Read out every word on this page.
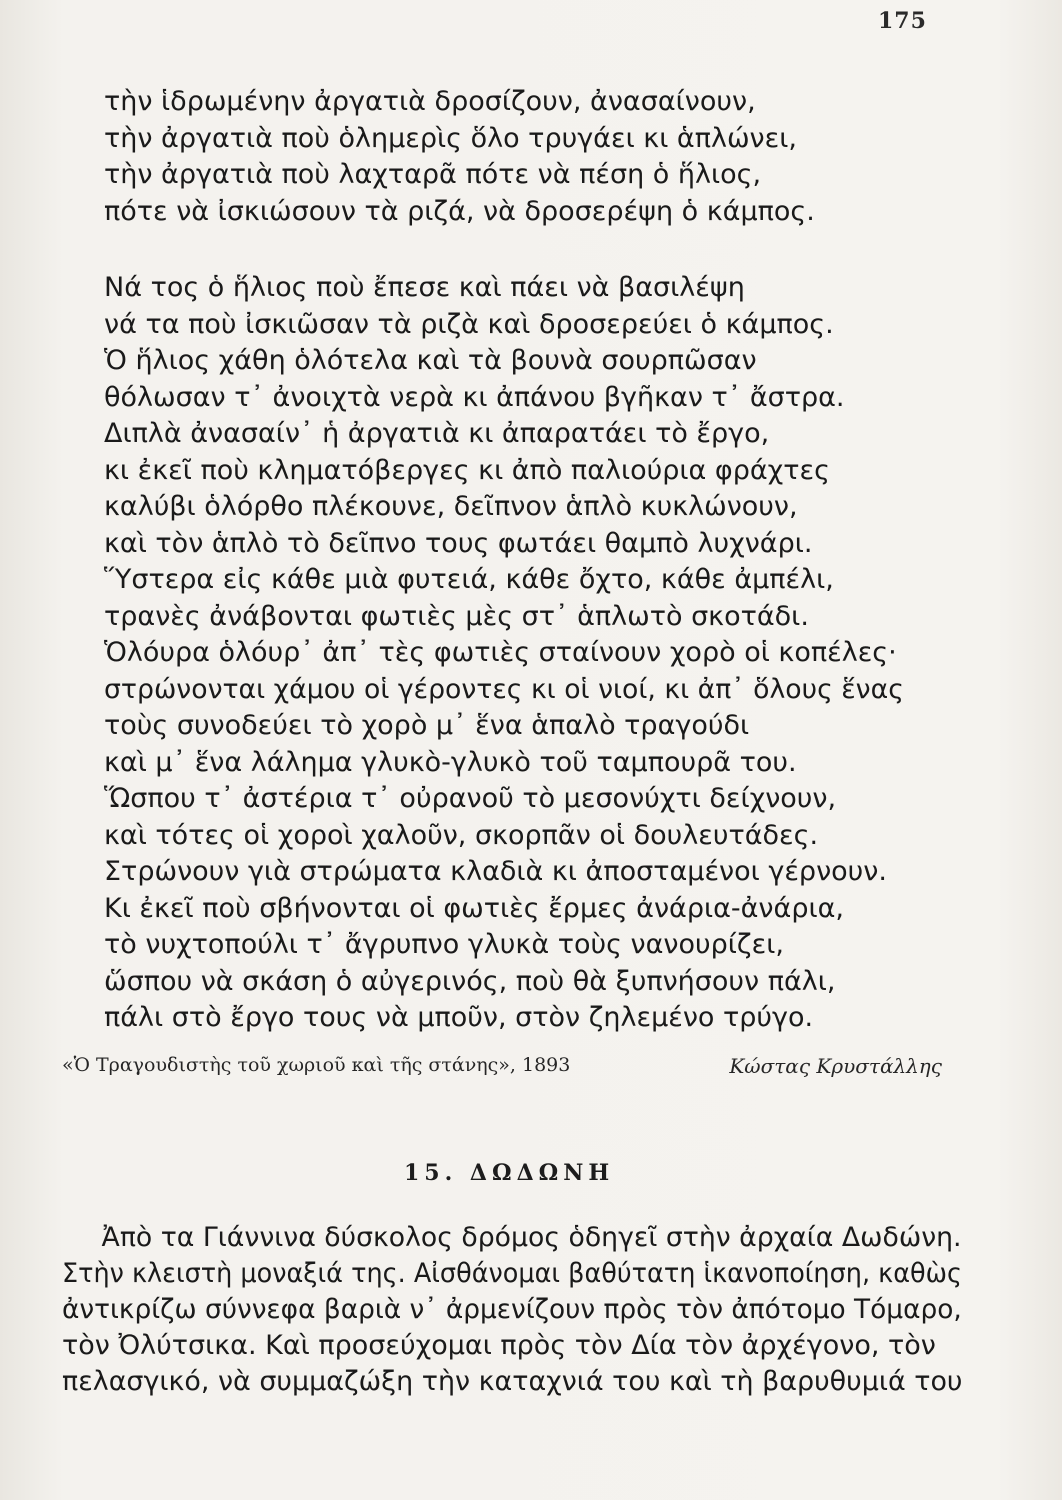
175
τὴν ἱδρωμένην ἀργατιὰ δροσίζουν, ἀνασαίνουν,
τὴν ἀργατιὰ ποὺ ὁλημερὶς ὅλο τρυγάει κι ἁπλώνει,
τὴν ἀργατιὰ ποὺ λαχταρᾶ πότε νὰ πέση ὁ ἥλιος,
πότε νὰ ἰσκιώσουν τὰ ριζά, νὰ δροσερέψη ὁ κάμπος.
Νά τος ὁ ἥλιος ποὺ ἔπεσε καὶ πάει νὰ βασιλέψη
νά τα ποὺ ἰσκιῶσαν τὰ ριζὰ καὶ δροσερεύει ὁ κάμπος.
Ὁ ἥλιος χάθη ὁλότελα καὶ τὰ βουνὰ σουρπῶσαν
θόλωσαν τ᾽ ἀνοιχτὰ νερὰ κι ἀπάνου βγῆκαν τ᾽ ἄστρα.
Διπλὰ ἀνασαίν᾽ ἡ ἀργατιὰ κι ἀπαρατάει τὸ ἔργο,
κι ἐκεῖ ποὺ κληματόβεργες κι ἀπὸ παλιούρια φράχτες
καλύβι ὁλόρθο πλέκουνε, δεῖπνον ἁπλὸ κυκλώνουν,
καὶ τὸν ἁπλὸ τὸ δεῖπνο τους φωτάει θαμπὸ λυχνάρι.
Ὕστερα εἰς κάθε μιὰ φυτειά, κάθε ὄχτο, κάθε ἀμπέλι,
τρανὲς ἀνάβονται φωτιὲς μὲς στ᾽ ἁπλωτὸ σκοτάδι.
Ὁλόυρα ὁλόυρ᾽ ἀπ᾽ τὲς φωτιὲς σταίνουν χορὸ οἱ κοπέλες·
στρώνονται χάμου οἱ γέροντες κι οἱ νιοί, κι ἀπ᾽ ὅλους ἕνας
τοὺς συνοδεύει τὸ χορὸ μ᾽ ἕνα ἁπαλὸ τραγούδι
καὶ μ᾽ ἕνα λάλημα γλυκὸ-γλυκὸ τοῦ ταμπουρᾶ του.
Ὥσπου τ᾽ ἀστέρια τ᾽ οὐρανοῦ τὸ μεσονύχτι δείχνουν,
καὶ τότες οἱ χοροὶ χαλοῦν, σκορπᾶν οἱ δουλευτάδες.
Στρώνουν γιὰ στρώματα κλαδιὰ κι ἀποσταμένοι γέρνουν.
Κι ἐκεῖ ποὺ σβήνονται οἱ φωτιὲς ἔρμες ἀνάρια-ἀνάρια,
τὸ νυχτοπούλι τ᾽ ἄγρυπνο γλυκὰ τοὺς νανουρίζει,
ὥσπου νὰ σκάση ὁ αὐγερινός, ποὺ θὰ ξυπνήσουν πάλι,
πάλι στὸ ἔργο τους νὰ μποῦν, στὸν ζηλεμένο τρύγο.
«Ὁ Τραγουδιστὴς τοῦ χωριοῦ καὶ τῆς στάνης», 1893	Κώστας Κρυστάλλης
15. ΔΩΔΩΝΗ
Ἀπὸ τα Γιάννινα δύσκολος δρόμος ὁδηγεῖ στὴν ἀρχαία Δωδώνη.
Στὴν κλειστὴ μοναξιά της. Αἰσθάνομαι βαθύτατη ἱκανοποίηση, καθὼς
ἀντικρίζω σύννεφα βαριὰ ν᾽ ἀρμενίζουν πρὸς τὸν ἀπότομο Τόμαρο,
τὸν Ὀλύτσικα. Καὶ προσεύχομαι πρὸς τὸν Δία τὸν ἀρχέγονο, τὸν
πελασγικό, νὰ συμμαζώξη τὴν καταχνιά του καὶ τὴ βαρυθυμιά του
